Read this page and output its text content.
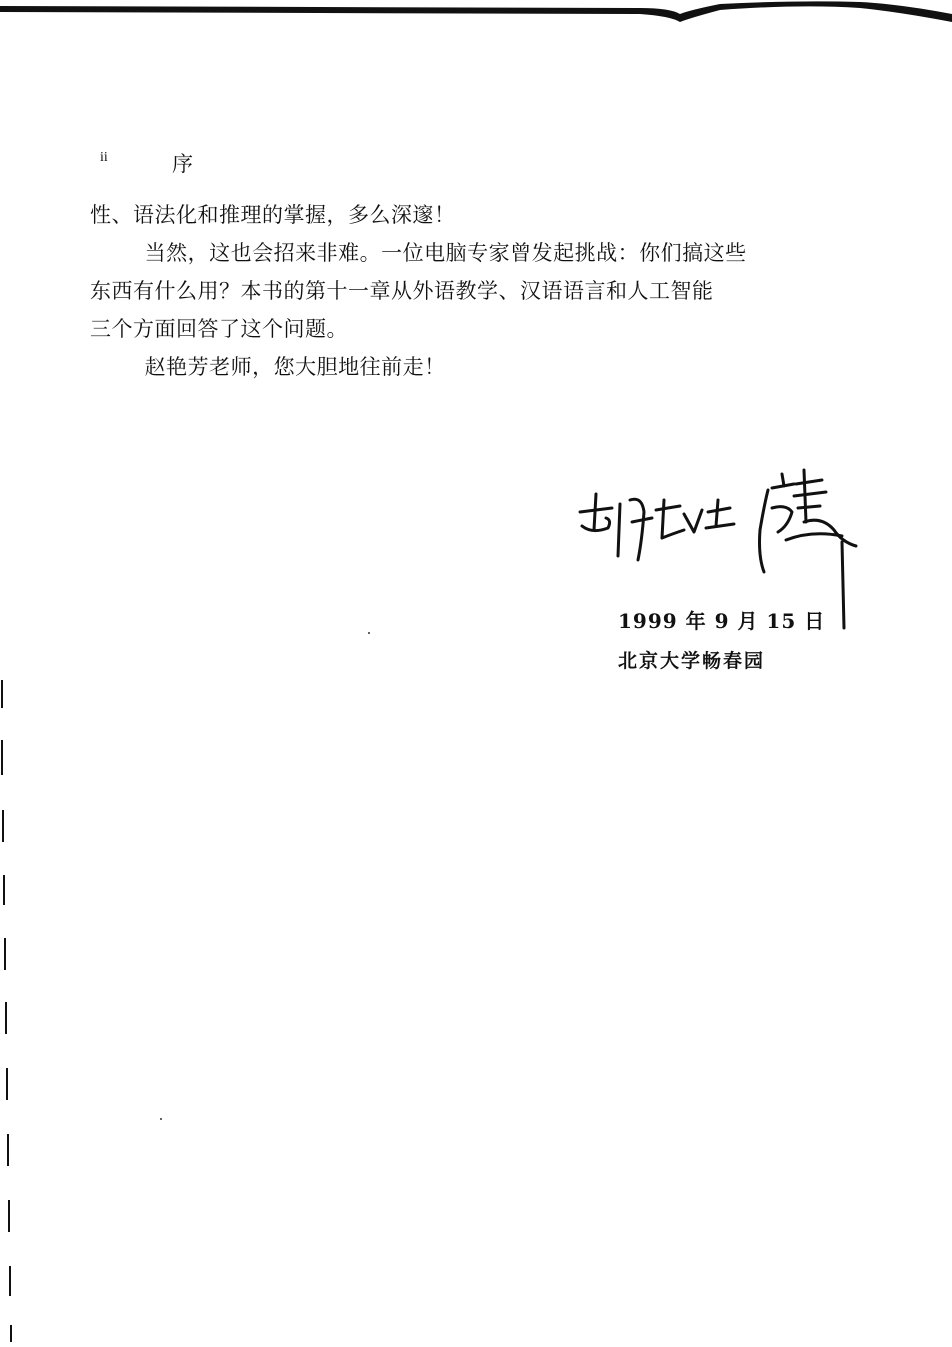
ii	序

性、语法化和推理的掌握，多么深邃！

当然，这也会招来非难。一位电脑专家曾发起挑战：你们搞这些

东西有什么用？本书的第十一章从外语教学、汉语语言和人工智能

三个方面回答了这个问题。

赵艳芳老师，您大胆地往前走！

1999 年 9 月 15 日
北京大学畅春园
